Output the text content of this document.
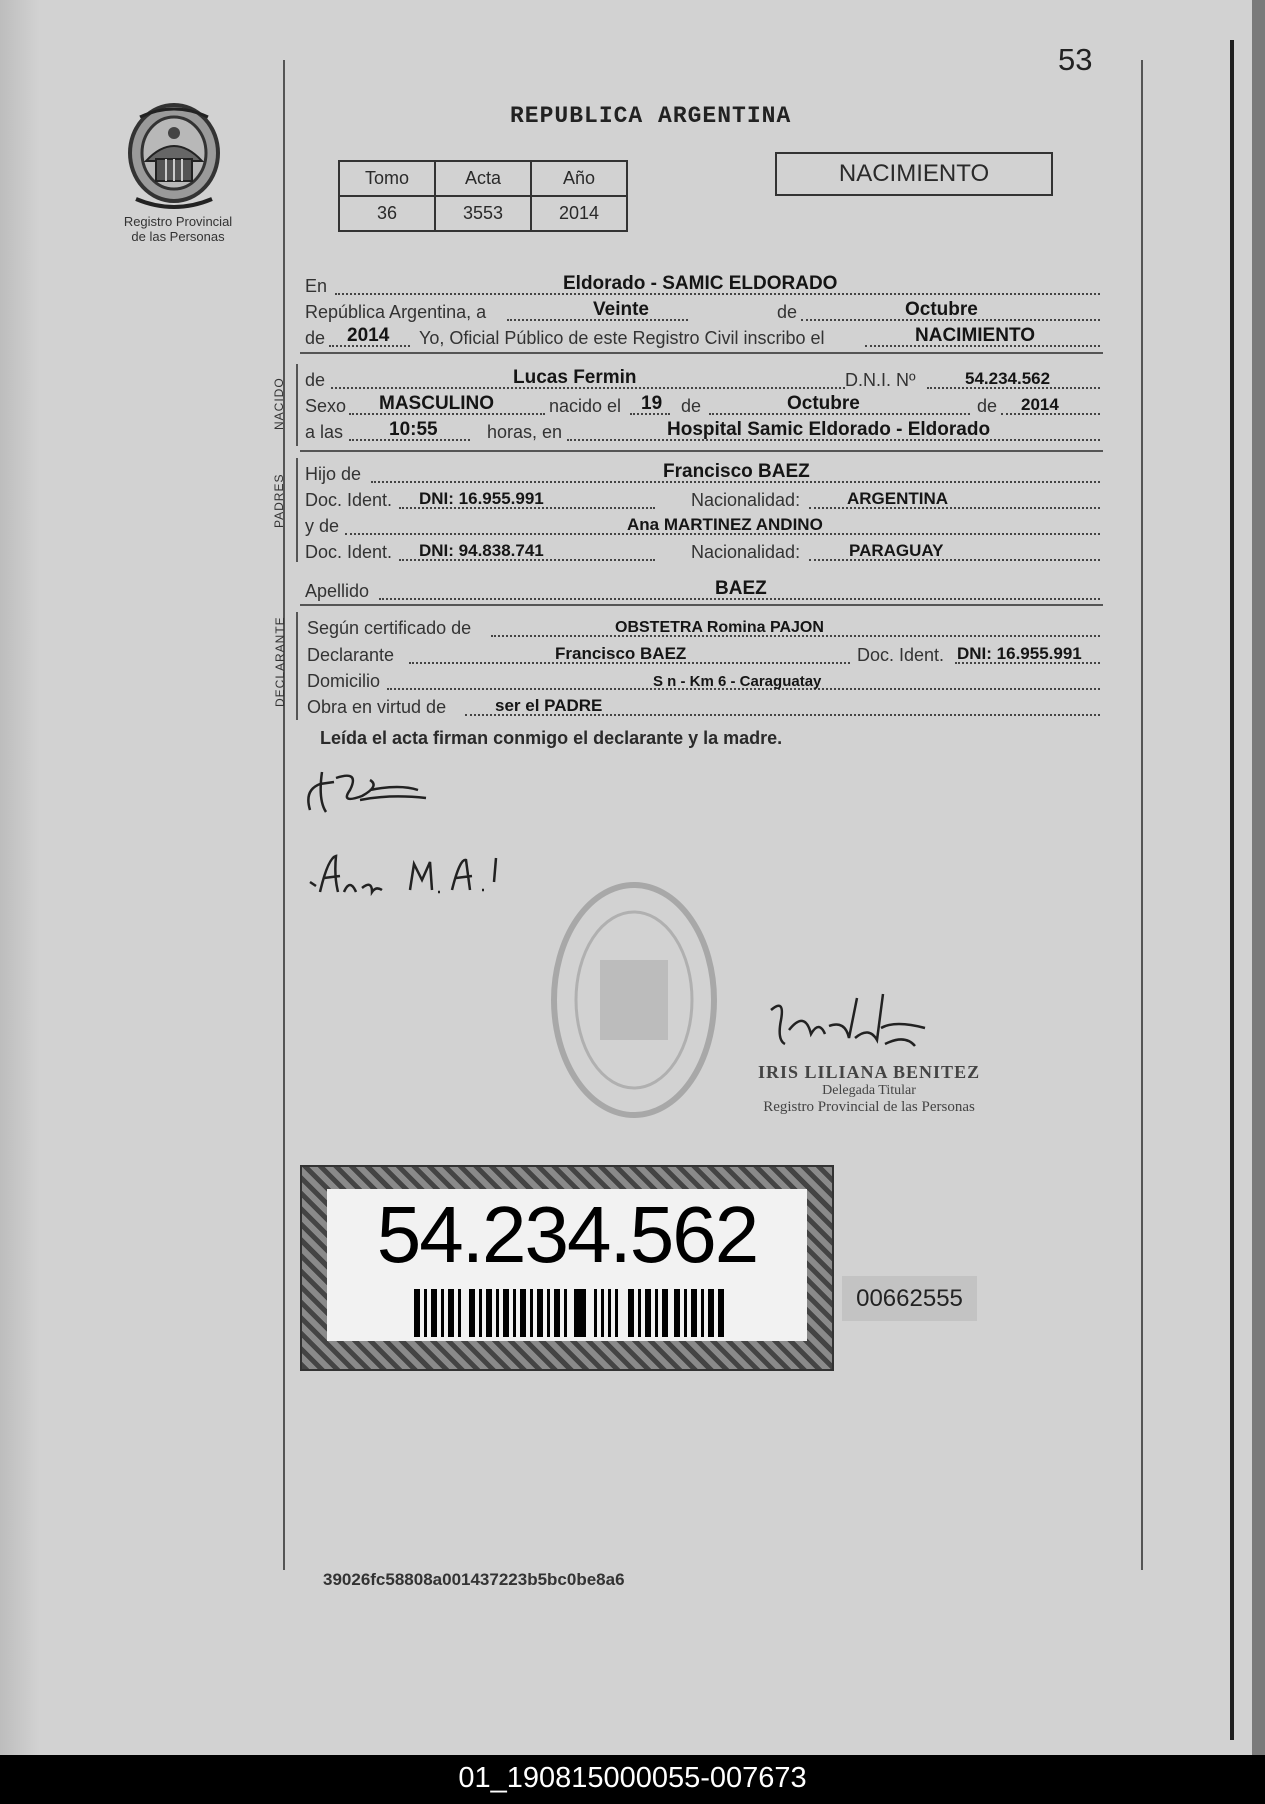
53
Registro Provincial
de las Personas
REPUBLICA ARGENTINA
Tomo	Acta	Año
36	3553	2014
NACIMIENTO
En	Eldorado - SAMIC ELDORADO
República Argentina, a	Veinte	de	Octubre
de 2014 Yo, Oficial Público de este Registro Civil inscribo el	NACIMIENTO
de	Lucas Fermin	D.N.I. Nº	54.234.562
Sexo MASCULINO	nacido el 19 de	Octubre	de 2014
a las 10:55	horas, en	Hospital Samic Eldorado - Eldorado
NACIDO
Hijo de	Francisco BAEZ
Doc. Ident. DNI: 16.955.991	Nacionalidad:	ARGENTINA
y de	Ana MARTINEZ ANDINO
Doc. Ident. DNI: 94.838.741	Nacionalidad:	PARAGUAY
PADRES
Apellido	BAEZ
Según certificado de	OBSTETRA Romina PAJON
Declarante	Francisco BAEZ	Doc. Ident. DNI: 16.955.991
Domicilio	S n - Km 6 - Caraguatay
Obra en virtud de	ser el PADRE
DECLARANTE
Leída el acta firman conmigo el declarante y la madre.
IRIS LILIANA BENITEZ
Delegada Titular
Registro Provincial de las Personas
54.234.562
00662555
39026fc58808a001437223b5bc0be8a6
01_190815000055-007673
